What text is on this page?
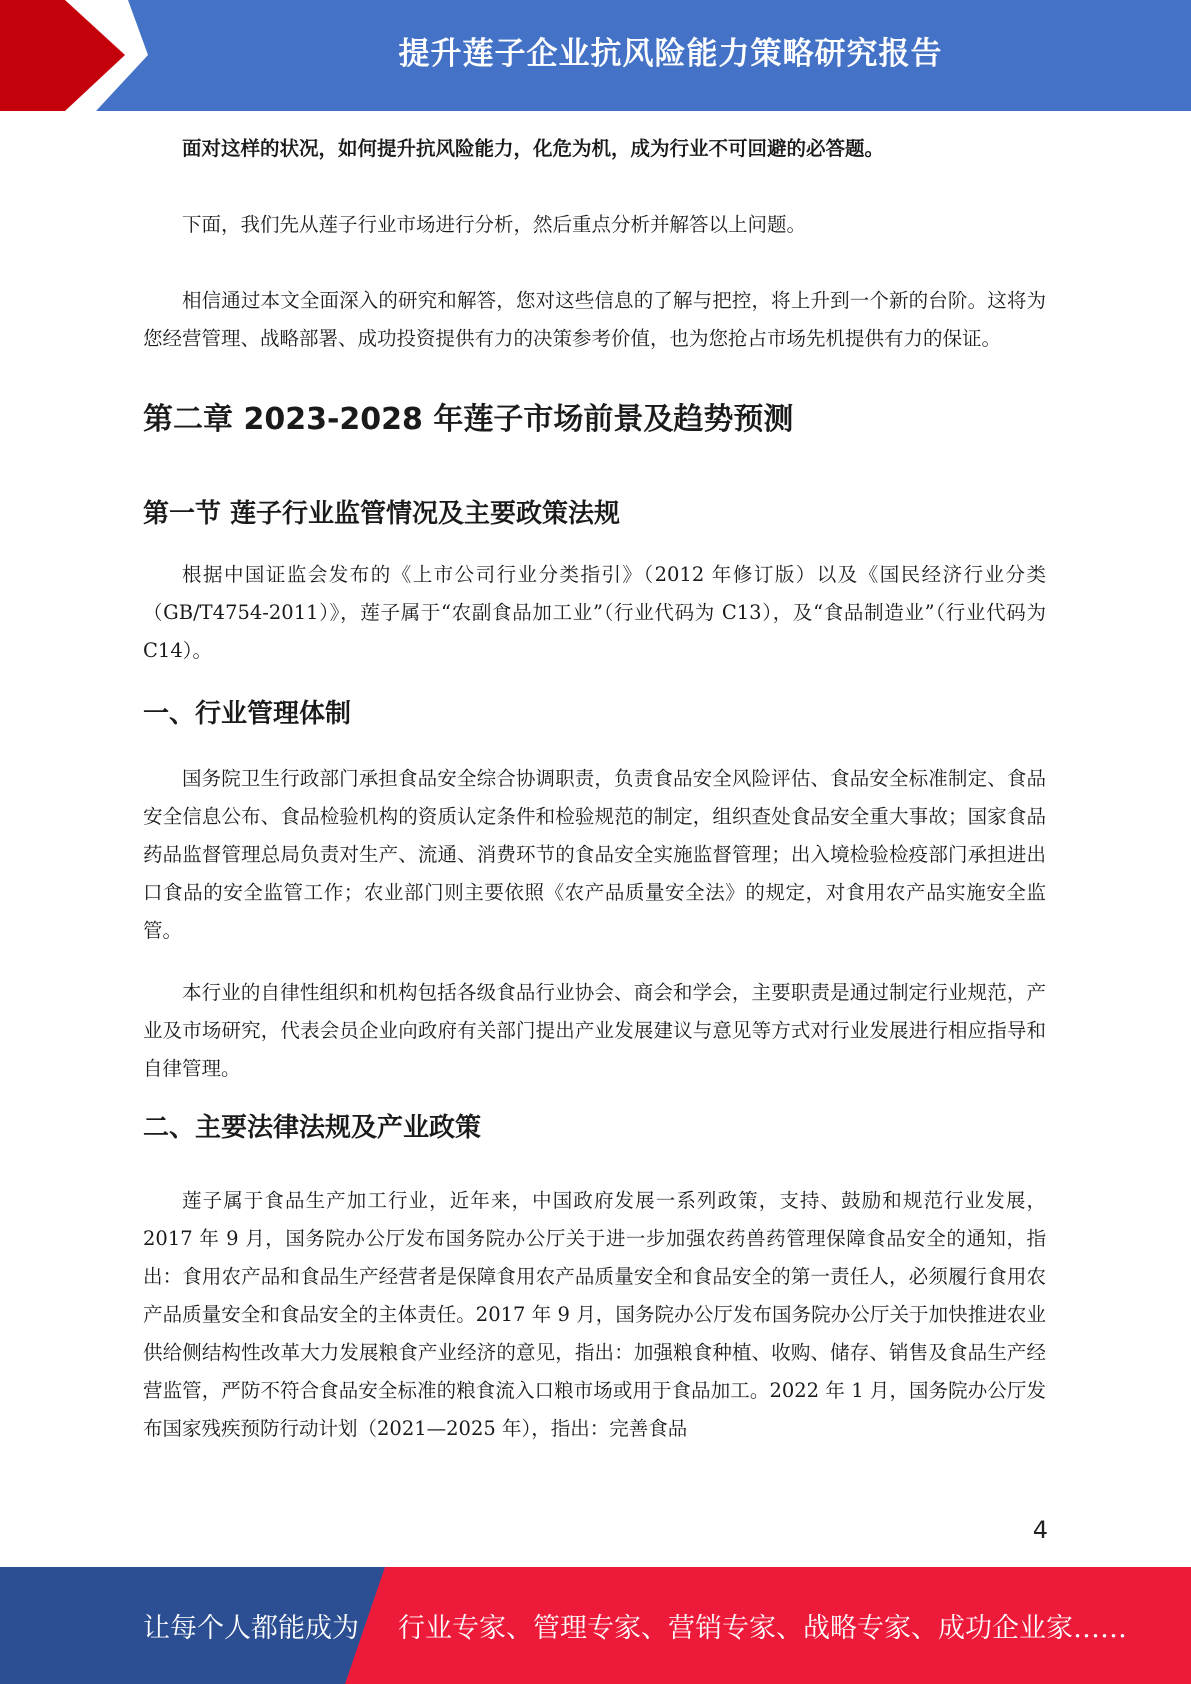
提升莲子企业抗风险能力策略研究报告

面对这样的状况，如何提升抗风险能力，化危为机，成为行业不可回避的必答题。

下面，我们先从莲子行业市场进行分析，然后重点分析并解答以上问题。

相信通过本文全面深入的研究和解答，您对这些信息的了解与把控，将上升到一个新的台阶。这将为您经营管理、战略部署、成功投资提供有力的决策参考价值，也为您抢占市场先机提供有力的保证。

第二章 2023-2028 年莲子市场前景及趋势预测
第一节 莲子行业监管情况及主要政策法规

根据中国证监会发布的《上市公司行业分类指引》（2012 年修订版）以及《国民经济行业分类（GB/T4754-2011）》，莲子属于“农副食品加工业”（行业代码为 C13），及“食品制造业”（行业代码为 C14）。

一、行业管理体制

国务院卫生行政部门承担食品安全综合协调职责，负责食品安全风险评估、食品安全标准制定、食品安全信息公布、食品检验机构的资质认定条件和检验规范的制定，组织查处食品安全重大事故；国家食品药品监督管理总局负责对生产、流通、消费环节的食品安全实施监督管理；出入境检验检疫部门承担进出口食品的安全监管工作；农业部门则主要依照《农产品质量安全法》的规定，对食用农产品实施安全监管。

本行业的自律性组织和机构包括各级食品行业协会、商会和学会，主要职责是通过制定行业规范，产业及市场研究，代表会员企业向政府有关部门提出产业发展建议与意见等方式对行业发展进行相应指导和自律管理。

二、主要法律法规及产业政策

莲子属于食品生产加工行业，近年来，中国政府发展一系列政策，支持、鼓励和规范行业发展，2017 年 9 月，国务院办公厅发布国务院办公厅关于进一步加强农药兽药管理保障食品安全的通知，指出：食用农产品和食品生产经营者是保障食用农产品质量安全和食品安全的第一责任人，必须履行食用农产品质量安全和食品安全的主体责任。2017 年 9 月，国务院办公厅发布国务院办公厅关于加快推进农业供给侧结构性改革大力发展粮食产业经济的意见，指出：加强粮食种植、收购、储存、销售及食品生产经营监管，严防不符合食品安全标准的粮食流入口粮市场或用于食品加工。2022 年 1 月，国务院办公厅发布国家残疾预防行动计划（2021—2025 年），指出：完善食品

4
让每个人都能成为 行业专家、管理专家、营销专家、战略专家、成功企业家……
